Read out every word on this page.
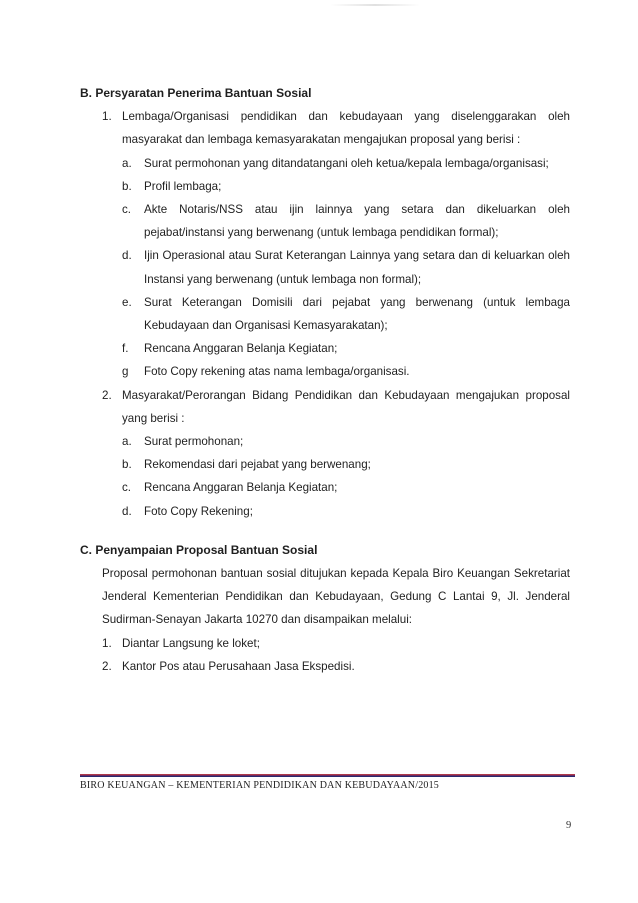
B. Persyaratan Penerima Bantuan Sosial

1. Lembaga/Organisasi pendidikan dan kebudayaan yang diselenggarakan oleh masyarakat dan lembaga kemasyarakatan mengajukan proposal yang berisi :
a.	Surat permohonan yang ditandatangani oleh ketua/kepala lembaga/organisasi;
b.	Profil lembaga;
c.	Akte Notaris/NSS atau ijin lainnya yang setara dan dikeluarkan oleh pejabat/instansi yang berwenang (untuk lembaga pendidikan formal);
d.	Ijin Operasional atau Surat Keterangan Lainnya yang setara dan di keluarkan oleh Instansi yang berwenang (untuk lembaga non formal);
e.	Surat Keterangan Domisili dari pejabat yang berwenang (untuk lembaga Kebudayaan dan Organisasi Kemasyarakatan);
f.	Rencana Anggaran Belanja Kegiatan;
g	Foto Copy rekening atas nama lembaga/organisasi.
2. Masyarakat/Perorangan Bidang Pendidikan dan Kebudayaan mengajukan proposal yang berisi :
a.	Surat permohonan;
b.	Rekomendasi dari pejabat yang berwenang;
c.	Rencana Anggaran Belanja Kegiatan;
d.	Foto Copy Rekening;

C. Penyampaian Proposal Bantuan Sosial

Proposal permohonan bantuan sosial ditujukan kepada Kepala Biro Keuangan Sekretariat Jenderal Kementerian Pendidikan dan Kebudayaan, Gedung C Lantai 9, Jl. Jenderal Sudirman-Senayan Jakarta 10270 dan disampaikan melalui:
1. Diantar Langsung ke loket;
2. Kantor Pos atau Perusahaan Jasa Ekspedisi.
BIRO KEUANGAN – KEMENTERIAN PENDIDIKAN DAN KEBUDAYAAN/2015
9
